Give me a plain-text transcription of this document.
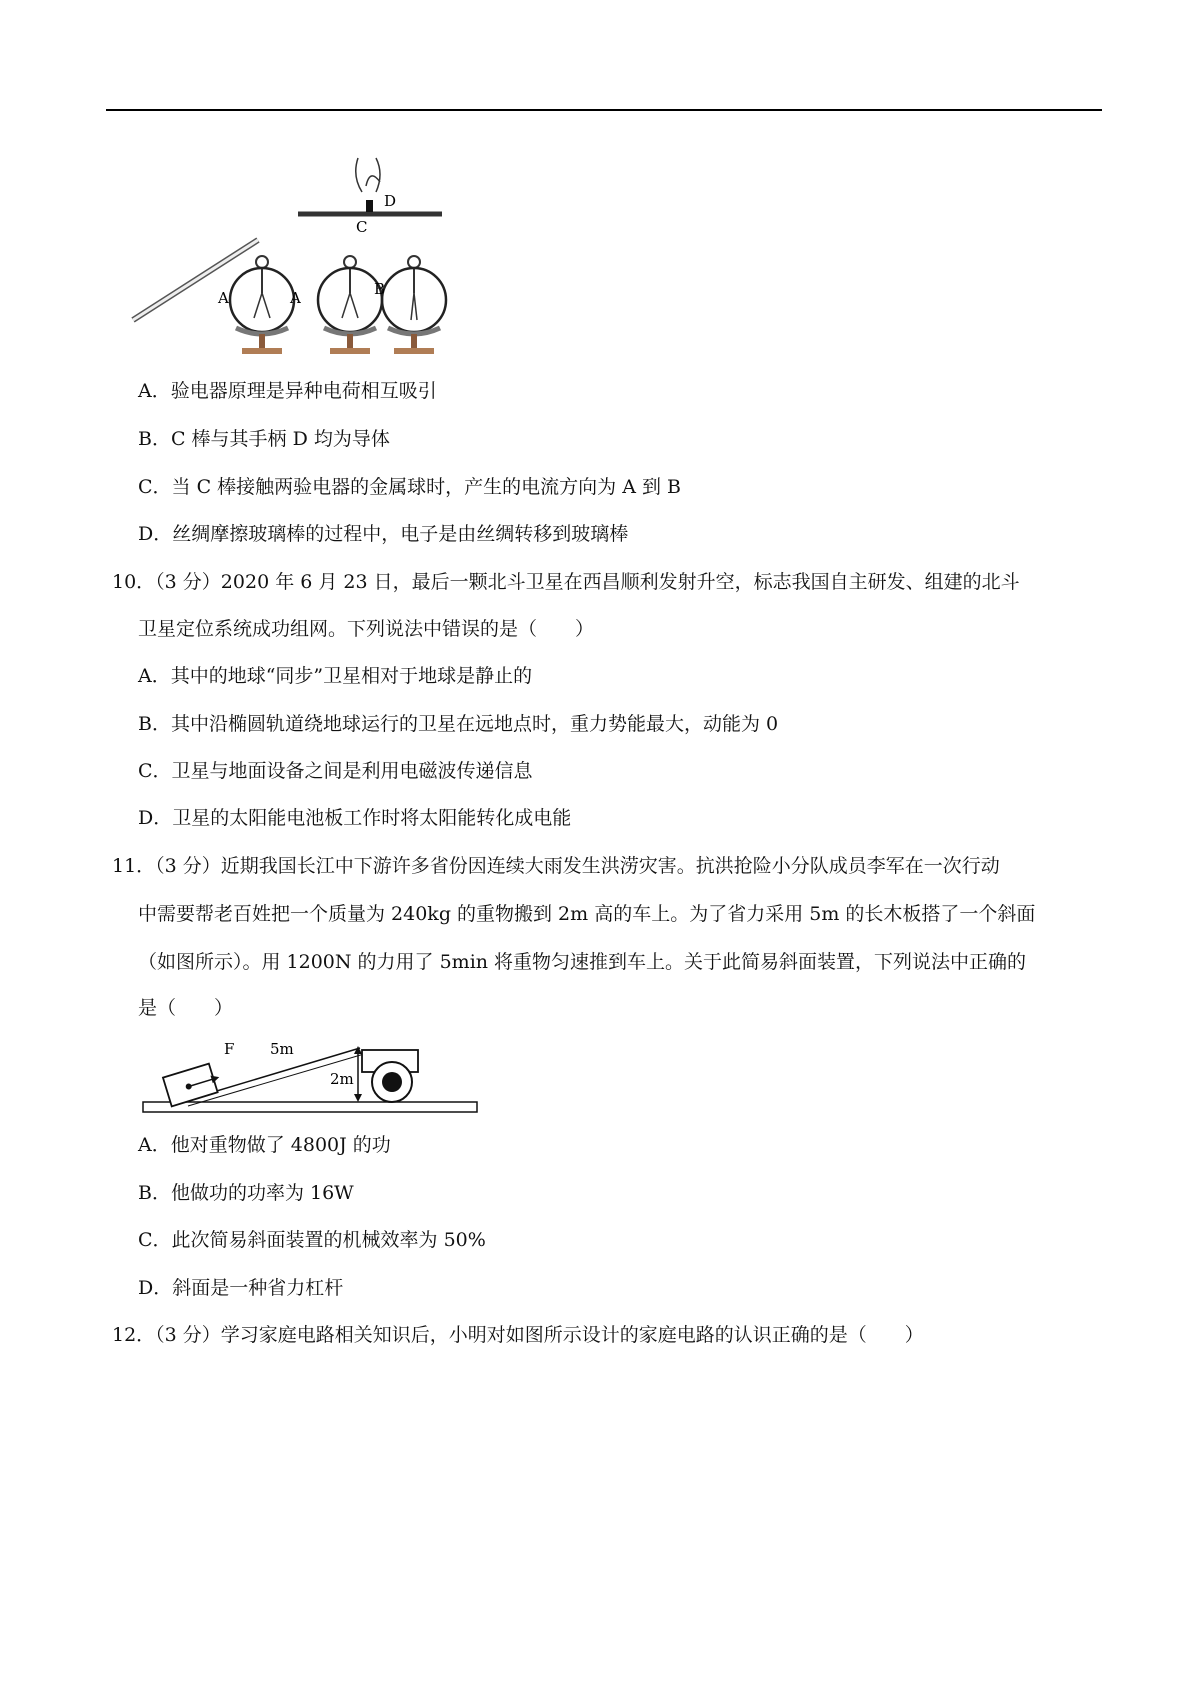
A
C
D
A	B
A．验电器原理是异种电荷相互吸引
B．C 棒与其手柄 D 均为导体
C．当 C 棒接触两验电器的金属球时，产生的电流方向为 A 到 B
D．丝绸摩擦玻璃棒的过程中，电子是由丝绸转移到玻璃棒
10．（3 分）2020 年 6 月 23 日，最后一颗北斗卫星在西昌顺利发射升空，标志我国自主研发、组建的北斗
卫星定位系统成功组网。下列说法中错误的是（　　）
A．其中的地球“同步”卫星相对于地球是静止的
B．其中沿椭圆轨道绕地球运行的卫星在远地点时，重力势能最大，动能为 0
C．卫星与地面设备之间是利用电磁波传递信息
D．卫星的太阳能电池板工作时将太阳能转化成电能
11．（3 分）近期我国长江中下游许多省份因连续大雨发生洪涝灾害。抗洪抢险小分队成员李军在一次行动
中需要帮老百姓把一个质量为 240kg 的重物搬到 2m 高的车上。为了省力采用 5m 的长木板搭了一个斜面
（如图所示）。用 1200N 的力用了 5min 将重物匀速推到车上。关于此简易斜面装置，下列说法中正确的
是（　　）
F 5m
2m
A．他对重物做了 4800J 的功
B．他做功的功率为 16W
C．此次简易斜面装置的机械效率为 50%
D．斜面是一种省力杠杆
12．（3 分）学习家庭电路相关知识后，小明对如图所示设计的家庭电路的认识正确的是（　　）
